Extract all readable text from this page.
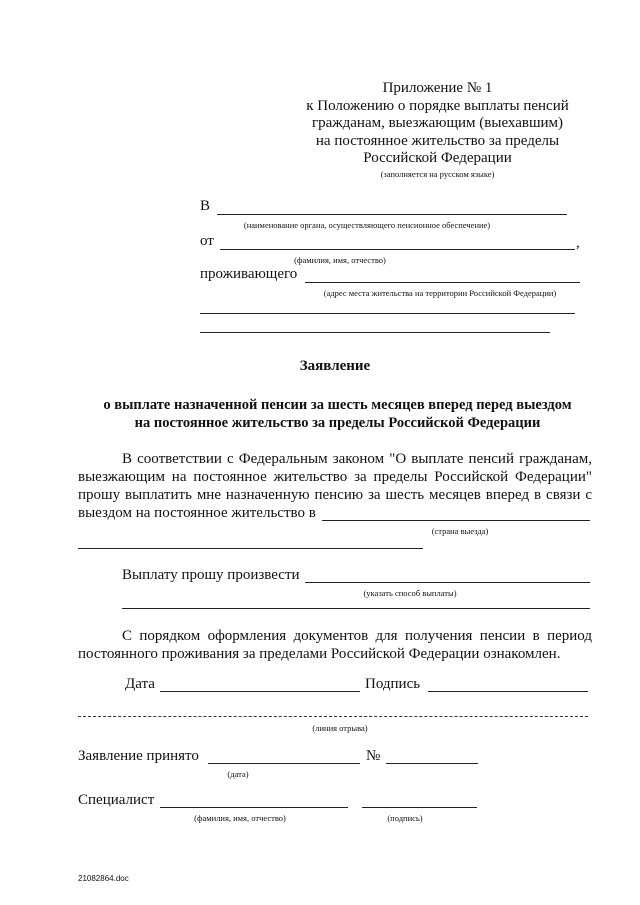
Приложение № 1
к Положению о порядке выплаты пенсий
гражданам, выезжающим (выехавшим)
на постоянное жительство за пределы
Российской Федерации
(заполняется на русском языке)
В
(наименование органа, осуществляющего пенсионное обеспечение)
от	,
(фамилия, имя, отчество)
проживающего
(адрес места жительства на территории Российской Федерации)
Заявление
о выплате назначенной пенсии за шесть месяцев вперед перед выездом
на постоянное жительство за пределы Российской Федерации
В соответствии с Федеральным законом "О выплате пенсий гражданам,
выезжающим на постоянное жительство за пределы Российской Федерации"
прошу выплатить мне назначенную пенсию за шесть месяцев вперед в связи с
выездом на постоянное жительство в
(страна выезда)
Выплату прошу произвести
(указать способ выплаты)
С порядком оформления документов для получения пенсии в период
постоянного проживания за пределами Российской Федерации ознакомлен.
Дата	Подпись
(линия отрыва)
Заявление принято
(дата)
№
Специалист
(фамилия, имя, отчество)	(подпись)
21082864.doc
